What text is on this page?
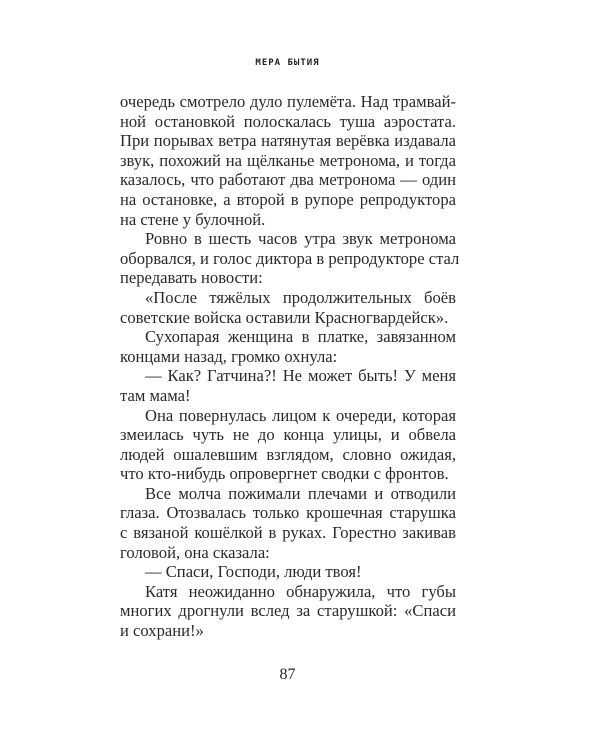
МЕРА БЫТИЯ
очередь смотрело дуло пулемёта. Над трамвай-
ной остановкой полоскалась туша аэростата.
При порывах ветра натянутая верёвка издавала
звук, похожий на щёлканье метронома, и тогда
казалось, что работают два метронома — один
на остановке, а второй в рупоре репродуктора
на стене у булочной.
Ровно в шесть часов утра звук метронома
оборвался, и голос диктора в репродукторе стал
передавать новости:
«После тяжёлых продолжительных боёв
советские войска оставили Красногвардейск».
Сухопарая женщина в платке, завязанном
концами назад, громко охнула:
— Как? Гатчина?! Не может быть! У меня
там мама!
Она повернулась лицом к очереди, которая
змеилась чуть не до конца улицы, и обвела
людей ошалевшим взглядом, словно ожидая,
что кто-нибудь опровергнет сводки с фронтов.
Все молча пожимали плечами и отводили
глаза. Отозвалась только крошечная старушка
с вязаной кошёлкой в руках. Горестно закивав
головой, она сказала:
— Спаси, Господи, люди твоя!
Катя неожиданно обнаружила, что губы
многих дрогнули вслед за старушкой: «Спаси
и сохрани!»
87
